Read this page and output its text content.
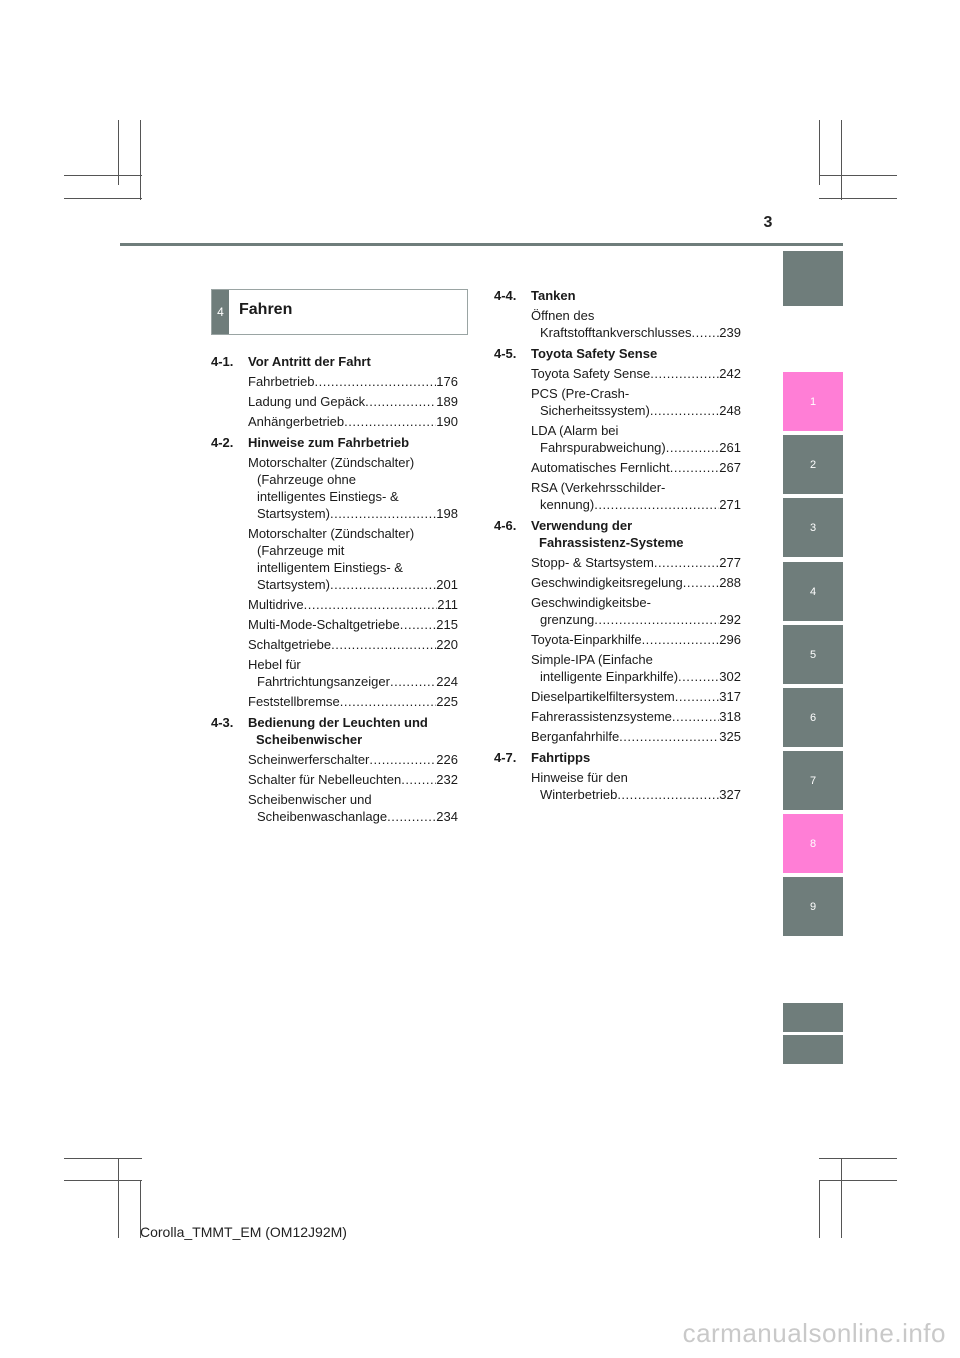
3
1
2
3
4
5
6
7
8
9
4 Fahren
4-1.	Vor Antritt der Fahrt
Fahrbetrieb .....	176
Ladung und Gepäck .....	189
Anhängerbetrieb .....	190
4-2.	Hinweise zum Fahrbetrieb
Motorschalter (Zündschalter)
(Fahrzeuge ohne
intelligentes Einstiegs- &
Startsystem) .....	198
Motorschalter (Zündschalter)
(Fahrzeuge mit
intelligentem Einstiegs- &
Startsystem) .....	201
Multidrive .....	211
Multi-Mode-Schaltgetriebe .....	215
Schaltgetriebe .....	220
Hebel für
Fahrtrichtungsanzeiger .....	224
Feststellbremse .....	225
4-3.	Bedienung der Leuchten und
Scheibenwischer
Scheinwerferschalter .....	226
Schalter für Nebelleuchten .....	232
Scheibenwischer und
Scheibenwaschanlage .....	234
4-4.	Tanken
Öffnen des
Kraftstofftankverschlusses ..... 239
4-5.	Toyota Safety Sense
Toyota Safety Sense .....	242
PCS (Pre-Crash-
Sicherheitssystem) .....	248
LDA (Alarm bei
Fahrspurabweichung) .....	261
Automatisches Fernlicht .....	267
RSA (Verkehrsschilder-
kennung) .....	271
4-6.	Verwendung der
Fahrassistenz-Systeme
Stopp- & Startsystem .....	277
Geschwindigkeitsregelung .....	288
Geschwindigkeitsbe-
grenzung .....	292
Toyota-Einparkhilfe .....	296
Simple-IPA (Einfache
intelligente Einparkhilfe) .....	302
Dieselpartikelfiltersystem .....	317
Fahrerassistenzsysteme .....	318
Berganfahrhilfe .....	325
4-7.	Fahrtipps
Hinweise für den
Winterbetrieb .....	327
Corolla_TMMT_EM (OM12J92M)
carmanualsonline.info
